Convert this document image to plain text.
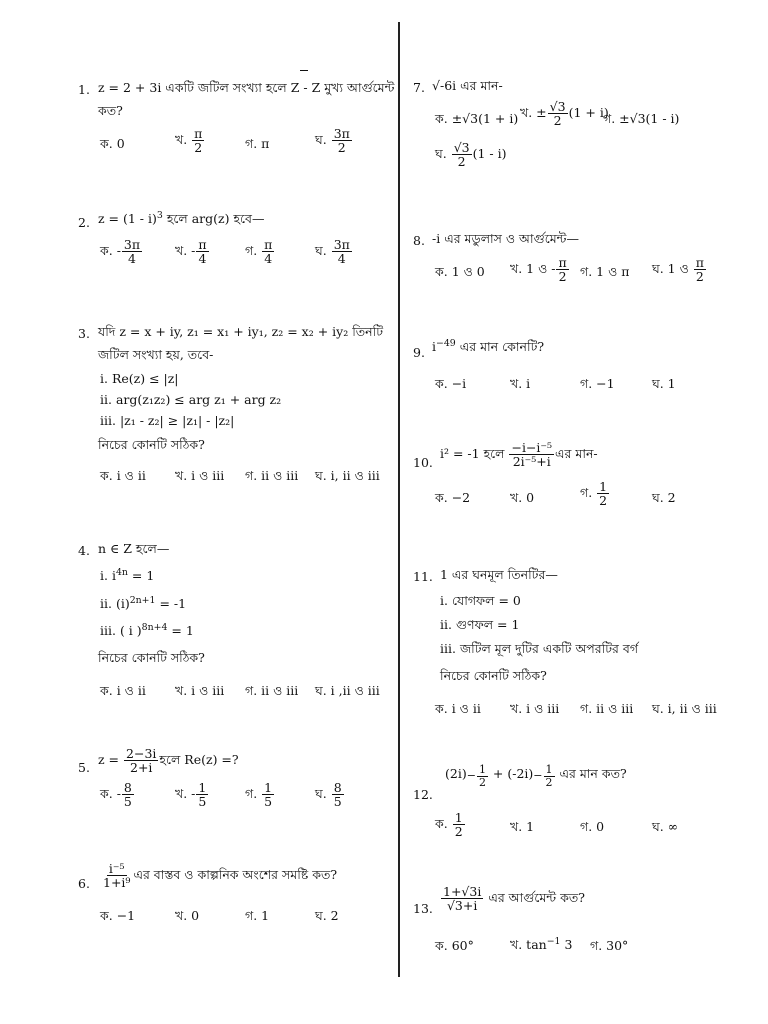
1. z = 2 + 3i একটি জটিল সংখ্যা হলে Z - Z মুখ্য আর্গুমেন্ট
কত?
ক. 0	খ. $\frac{\pi}{2}$	গ. π	ঘ. $\frac{3\pi}{2}$
2. z = (1 - i)$^3$ হলে arg(z) হবে—
ক. - $\frac{3\pi}{4}$	খ. - $\frac{\pi}{4}$	গ. $\frac{\pi}{4}$	ঘ. $\frac{3\pi}{4}$
3. যদি z = x + iy, z₁ = x₁ + iy₁, z₂ = x₂ + iy₂ তিনটি
জটিল সংখ্যা হয়, তবে-
i. Re(z) ≤ |z|
ii. arg(z₁z₂) ≤ arg z₁ + arg z₂
iii. |z₁ - z₂| ≥ |z₁| - |z₂|
নিচের কোনটি সঠিক?
ক. i ও ii খ. i ও iii গ. ii ও iii ঘ. i, ii ও iii
4. n ∈ Z হলে—
i. $i^{4n} = 1$
ii. $(i)^{2n+1} = -1$
iii. ( i )$^{8n+4}$ = 1
নিচের কোনটি সঠিক?
ক. i ও ii খ. i ও iii গ. ii ও iii ঘ. i ,ii ও iii
5.
$z = \frac{2-3i}{2+i}$ হলে Re(z) =?
ক. - $\frac{8}{5}$	খ. - $\frac{1}{5}$	গ. $\frac{1}{5}$	ঘ. $\frac{8}{5}$
6. $\frac{\text{i⁻⁵}}{\text{1+i⁹}}$ এর বাস্তব ও কাল্পনিক অংশের সমষ্টি কত?
ক. −1	খ. 0	গ. 1	ঘ. 2
7. √-6i এর মান-
ক. ±√3(1 + i) খ. ± $\frac{√3}{2} (1 + i)$
গ. ±√3(1 - i)
ঘ. $\frac{√3}{2} (1 - i)$
8. -i এর মডুলাস ও আর্গুমেন্ট—
ক. 1 ও 0 খ. 1 ও - $\frac{\pi}{2}$ গ. 1 ও π ঘ. 1 ও $\frac{\pi}{2}$
9. $i^{-49}$ এর মান কোনটি?
ক. −i	খ. i	গ. −1	ঘ. 1
10.
i² = -1 হলে $\frac{\text{−i−i⁻⁵}}{\text{2i⁻⁵+i}}$ এর মান-
ক. −2	খ. 0	গ. $\frac{1}{2}$	ঘ. 2
11. 1 এর ঘনমূল তিনটির—
i. যোগফল = 0
ii. গুণফল = 1
iii. জটিল মূল দুটির একটি অপরটির বর্গ
নিচের কোনটি সঠিক?
ক. i ও ii খ. i ও iii গ. ii ও iii ঘ. i, ii ও iii
12.
$(2i)- \frac{1}{2} + (-2i)- \frac{1}{2}$ এর মান কত?
ক. $\frac{1}{2}$	খ. 1	গ. 0	ঘ. ∞
13. $\frac{1+√3i}{√3+i}$ এর আর্গুমেন্ট কত?
ক. 60°	খ. $\tan^{-1} 3$ গ. 30°
